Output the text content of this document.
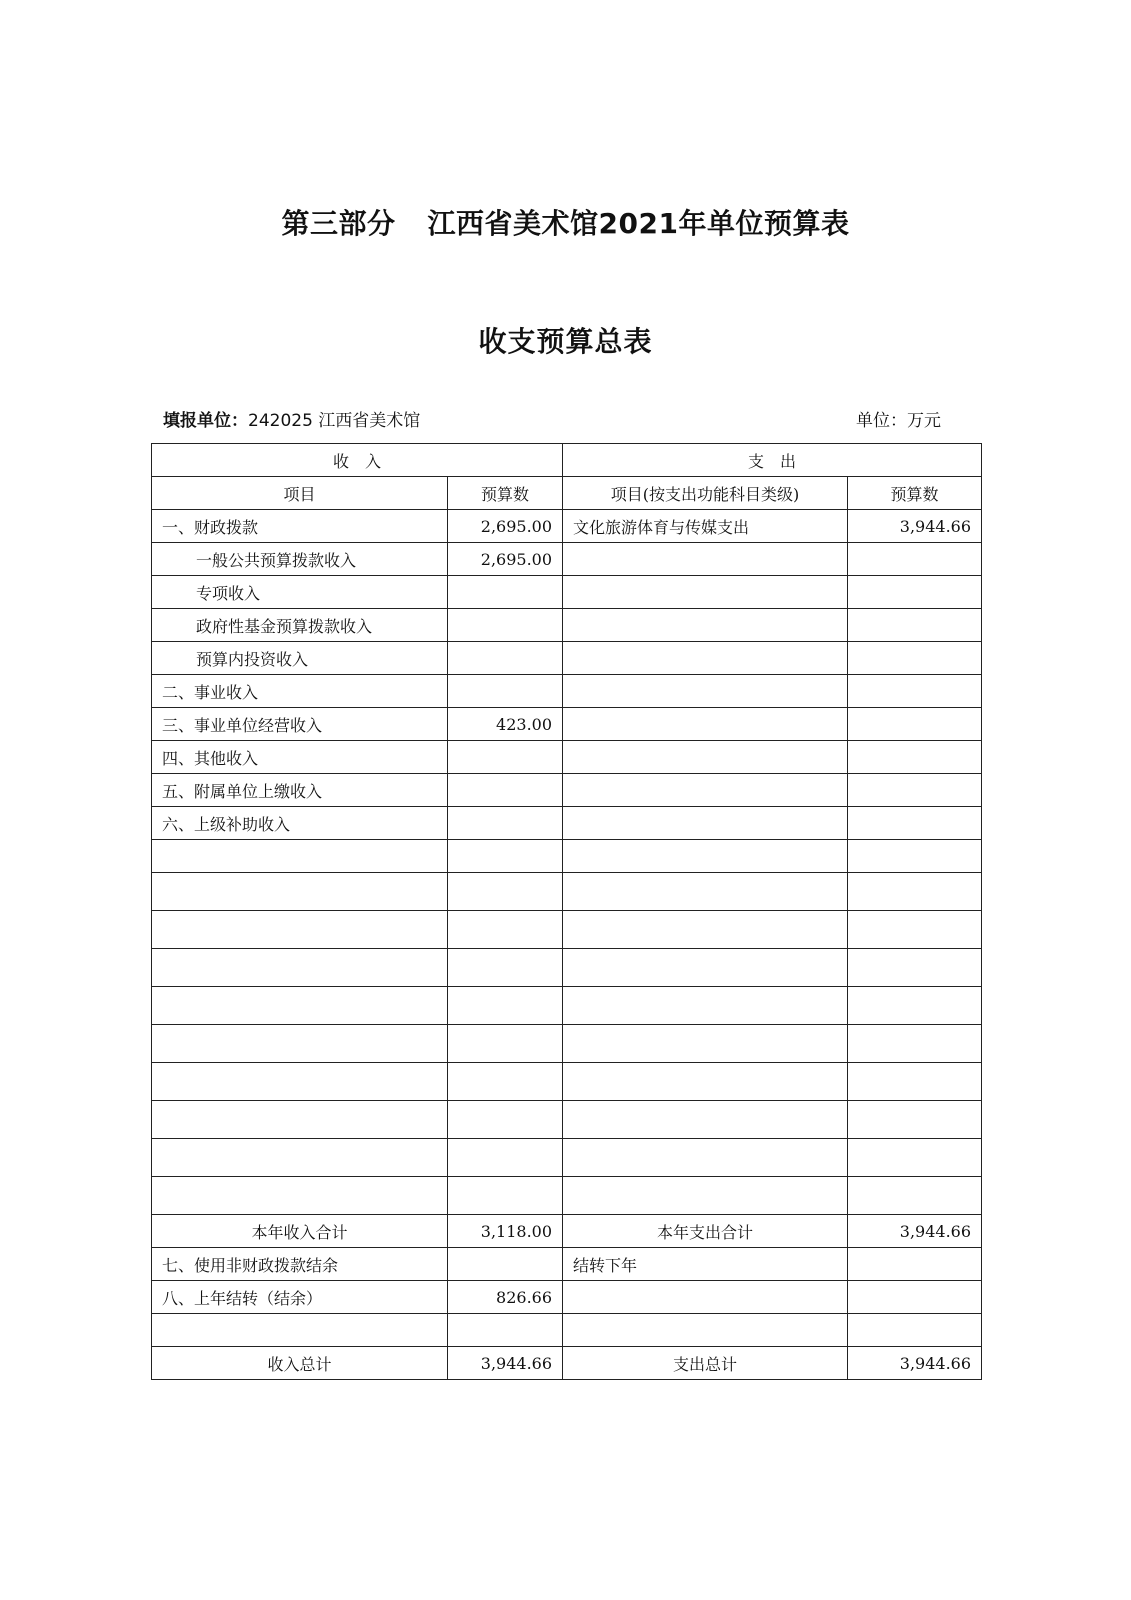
第三部分 江西省美术馆2021年单位预算表
收支预算总表
填报单位：242025 江西省美术馆	单位：万元
收　入		支　出	
项目	预算数	项目(按支出功能科目类级)	预算数
一、财政拨款	2,695.00	文化旅游体育与传媒支出	3,944.66
一般公共预算拨款收入	2,695.00		
专项收入			
政府性基金预算拨款收入			
预算内投资收入			
二、事业收入			
三、事业单位经营收入	423.00		
四、其他收入			
五、附属单位上缴收入			
六、上级补助收入			

本年收入合计	3,118.00	本年支出合计	3,944.66
七、使用非财政拨款结余		结转下年	
八、上年结转（结余）	826.66		

收入总计	3,944.66	支出总计	3,944.66
